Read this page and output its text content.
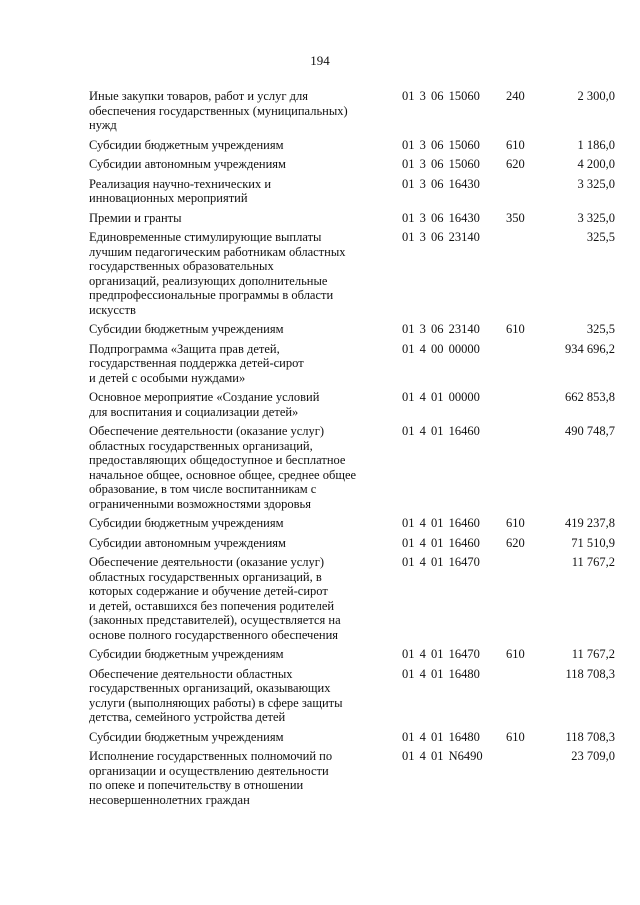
194
Иные закупки товаров, работ и услуг для
обеспечения государственных (муниципальных)
нужд
01 3 06 15060 240	2 300,0
Субсидии бюджетным учреждениям	01 3 06 15060 610	1 186,0
Субсидии автономным учреждениям	01 3 06 15060 620	4 200,0
Реализация научно-технических и
инновационных мероприятий
01 3 06 16430	3 325,0
Премии и гранты	01 3 06 16430 350	3 325,0
Единовременные стимулирующие выплаты
лучшим педагогическим работникам областных
государственных образовательных
организаций, реализующих дополнительные
предпрофессиональные программы в области
искусств
01 3 06 23140	325,5
Субсидии бюджетным учреждениям	01 3 06 23140 610	325,5
Подпрограмма «Защита прав детей,
государственная поддержка детей-сирот
и детей с особыми нуждами»
01 4 00 00000	934 696,2
Основное мероприятие «Создание условий
для воспитания и социализации детей»
01 4 01 00000	662 853,8
Обеспечение деятельности (оказание услуг)
областных государственных организаций,
предоставляющих общедоступное и бесплатное
начальное общее, основное общее, среднее общее
образование, в том числе воспитанникам с
ограниченными возможностями здоровья
01 4 01 16460	490 748,7
Субсидии бюджетным учреждениям	01 4 01 16460 610	419 237,8
Субсидии автономным учреждениям	01 4 01 16460 620	71 510,9
Обеспечение деятельности (оказание услуг)
областных государственных организаций, в
которых содержание и обучение детей-сирот
и детей, оставшихся без попечения родителей
(законных представителей), осуществляется на
основе полного государственного обеспечения
01 4 01 16470	11 767,2
Субсидии бюджетным учреждениям	01 4 01 16470 610	11 767,2
Обеспечение деятельности областных
государственных организаций, оказывающих
услуги (выполняющих работы) в сфере защиты
детства, семейного устройства детей
01 4 01 16480	118 708,3
Субсидии бюджетным учреждениям	01 4 01 16480 610	118 708,3
Исполнение государственных полномочий по
организации и осуществлению деятельности
по опеке и попечительству в отношении
несовершеннолетних граждан
01 4 01 N6490	23 709,0
